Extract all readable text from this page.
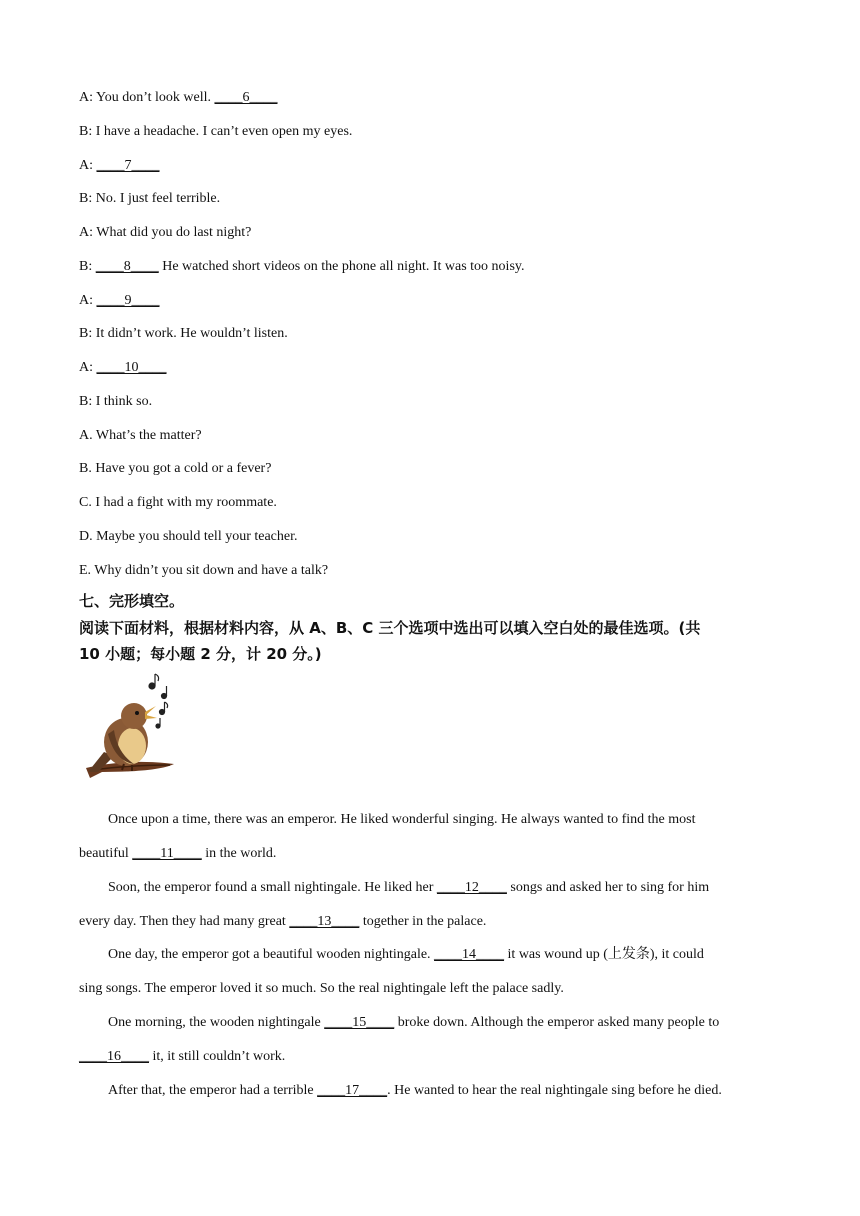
A: You don’t look well. ____6____
B: I have a headache. I can’t even open my eyes.
A: ____7____
B: No. I just feel terrible.
A: What did you do last night?
B: ____8____ He watched short videos on the phone all night. It was too noisy.
A: ____9____
B: It didn’t work. He wouldn’t listen.
A: ____10____
B: I think so.
A. What’s the matter?
B. Have you got a cold or a fever?
C. I had a fight with my roommate.
D. Maybe you should tell your teacher.
E. Why didn’t you sit down and have a talk?
七、完形填空。
阅读下面材料，根据材料内容，从 A、B、C 三个选项中选出可以填入空白处的最佳选项。(共
10 小题；每小题 2 分，计 20 分。)
Once upon a time, there was an emperor. He liked wonderful singing. He always wanted to find the most
beautiful ____11____ in the world.
Soon, the emperor found a small nightingale. He liked her ____12____ songs and asked her to sing for him
every day. Then they had many great ____13____ together in the palace.
One day, the emperor got a beautiful wooden nightingale. ____14____ it was wound up (上发条), it could
sing songs. The emperor loved it so much. So the real nightingale left the palace sadly.
One morning, the wooden nightingale ____15____ broke down. Although the emperor asked many people to
____16____ it, it still couldn’t work.
After that, the emperor had a terrible ____17____. He wanted to hear the real nightingale sing before he died.
